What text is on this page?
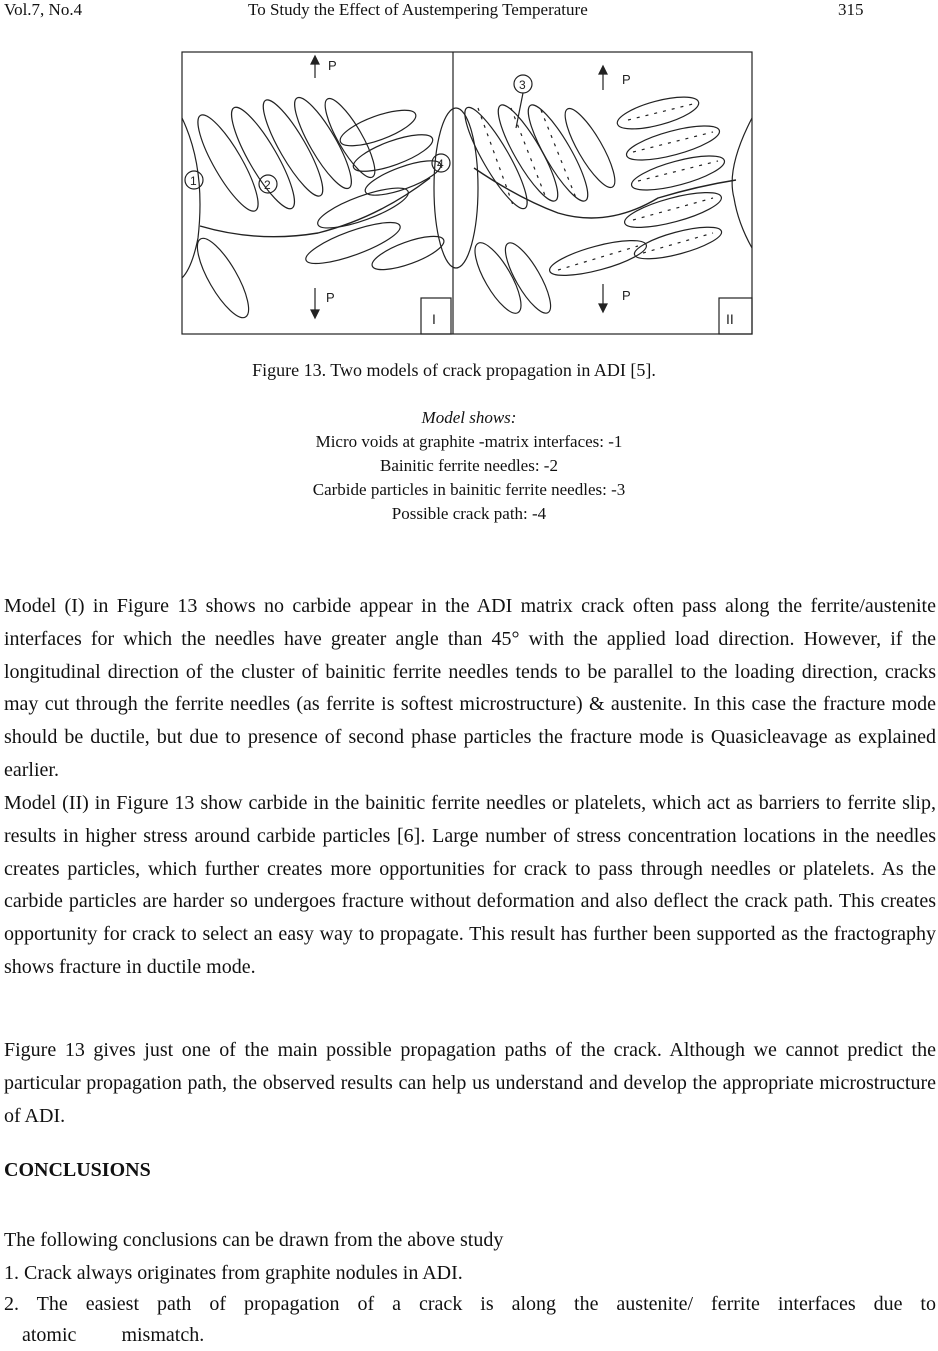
Vol.7, No.4	To Study the Effect of Austempering Temperature	315
P
P
P
P
1	2
3
4
I	II
Figure 13. Two models of crack propagation in ADI [5].
Model shows:
Micro voids at graphite -matrix interfaces: -1
Bainitic ferrite needles: -2
Carbide particles in bainitic ferrite needles: -3
Possible crack path: -4

Model (I) in Figure 13 shows no carbide appear in the ADI matrix crack often pass along the ferrite/austenite interfaces for which the needles have greater angle than 45° with the applied load direction. However, if the longitudinal direction of the cluster of bainitic ferrite needles tends to be parallel to the loading direction, cracks may cut through the ferrite needles (as ferrite is softest microstructure) & austenite. In this case the fracture mode should be ductile, but due to presence of second phase particles the fracture mode is Quasicleavage as explained earlier.

Model (II) in Figure 13 show carbide in the bainitic ferrite needles or platelets, which act as barriers to ferrite slip, results in higher stress around carbide particles [6]. Large number of stress concentration locations in the needles creates particles, which further creates more opportunities for crack to pass through needles or platelets. As the carbide particles are harder so undergoes fracture without deformation and also deflect the crack path. This creates opportunity for crack to select an easy way to propagate. This result has further been supported as the fractography shows fracture in ductile mode.

Figure 13 gives just one of the main possible propagation paths of the crack. Although we cannot predict the particular propagation path, the observed results can help us understand and develop the appropriate microstructure of ADI.

CONCLUSIONS

The following conclusions can be drawn from the above study

1. Crack always originates from graphite nodules in ADI.

2. The easiest path of propagation of a crack is along the austenite/ ferrite interfaces due to

atomic mismatch.
